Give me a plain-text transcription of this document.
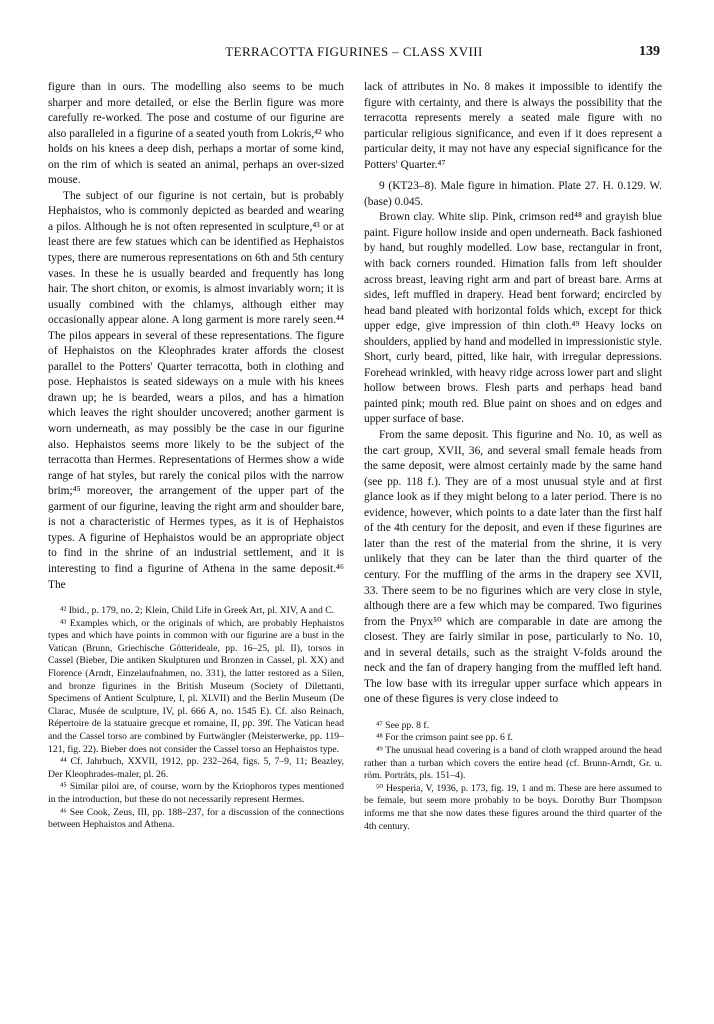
TERRACOTTA FIGURINES – CLASS XVIII	139

figure than in ours. The modelling also seems to be much sharper and more detailed, or else the Berlin figure was more carefully re-worked. The pose and costume of our figurine are also paralleled in a figurine of a seated youth from Lokris,⁴² who holds on his knees a deep dish, perhaps a mortar of some kind, on the rim of which is seated an animal, perhaps an over-sized mouse.

The subject of our figurine is not certain, but is probably Hephaistos, who is commonly depicted as bearded and wearing a pilos. Although he is not often represented in sculpture,⁴³ or at least there are few statues which can be identified as Hephaistos types, there are numerous representations on 6th and 5th century vases. In these he is usually bearded and frequently has long hair. The short chiton, or exomis, is almost invariably worn; it is usually combined with the chlamys, although either may occasionally appear alone. A long garment is more rarely seen.⁴⁴ The pilos appears in several of these representations. The figure of Hephaistos on the Kleophrades krater affords the closest parallel to the Potters' Quarter terracotta, both in clothing and pose. Hephaistos is seated sideways on a mule with his knees drawn up; he is bearded, wears a pilos, and has a himation which leaves the right shoulder uncovered; another garment is worn underneath, as may possibly be the case in our figurine also. Hephaistos seems more likely to be the subject of the terracotta than Hermes. Representations of Hermes show a wide range of hat styles, but rarely the conical pilos with the narrow brim;⁴⁵ moreover, the arrangement of the upper part of the garment of our figurine, leaving the right arm and shoulder bare, is not a characteristic of Hermes types, as it is of Hephaistos types. A figurine of Hephaistos would be an appropriate object to find in the shrine of an industrial settlement, and it is interesting to find a figurine of Athena in the same deposit.⁴⁶ The

⁴² Ibid., p. 179, no. 2; Klein, Child Life in Greek Art, pl. XIV, A and C.

⁴³ Examples which, or the originals of which, are probably Hephaistos types and which have points in common with our figurine are a bust in the Vatican (Brunn, Griechische Götterideale, pp. 16–25, pl. II), torsos in Cassel (Bieber, Die antiken Skulpturen und Bronzen in Cassel, pl. XX) and Florence (Arndt, Einzelaufnahmen, no. 331), the latter restored as a Silen, and bronze figurines in the British Museum (Society of Dilettanti, Specimens of Antient Sculpture, I, pl. XLVII) and the Berlin Museum (De Clarac, Musée de sculpture, IV, pl. 666 A, no. 1545 E). Cf. also Reinach, Répertoire de la statuaire grecque et romaine, II, pp. 39f. The Vatican head and the Cassel torso are combined by Furtwängler (Meisterwerke, pp. 119–121, fig. 22). Bieber does not consider the Cassel torso an Hephaistos type.

⁴⁴ Cf. Jahrbuch, XXVII, 1912, pp. 232–264, figs. 5, 7–9, 11; Beazley, Der Kleophrades-maler, pl. 26.

⁴⁵ Similar piloi are, of course, worn by the Kriophoros types mentioned in the introduction, but these do not necessarily represent Hermes.

⁴⁶ See Cook, Zeus, III, pp. 188–237, for a discussion of the connections between Hephaistos and Athena.

lack of attributes in No. 8 makes it impossible to identify the figure with certainty, and there is always the possibility that the terracotta represents merely a seated male figure with no particular religious significance, and even if it does represent a particular deity, it may not have any especial significance for the Potters' Quarter.⁴⁷

9 (KT23–8). Male figure in himation. Plate 27. H. 0.129. W. (base) 0.045.

Brown clay. White slip. Pink, crimson red⁴⁸ and grayish blue paint. Figure hollow inside and open underneath. Back fashioned by hand, but roughly modelled. Low base, rectangular in front, with back corners rounded. Himation falls from left shoulder across breast, leaving right arm and part of breast bare. Arms at sides, left muffled in drapery. Head bent forward; encircled by head band pleated with horizontal folds which, except for thick upper edge, give impression of thin cloth.⁴⁹ Heavy locks on shoulders, applied by hand and modelled in impressionistic style. Short, curly beard, pitted, like hair, with irregular depressions. Forehead wrinkled, with heavy ridge across lower part and slight hollow between brows. Flesh parts and perhaps head band painted pink; mouth red. Blue paint on shoes and on edges and upper surface of base.

From the same deposit. This figurine and No. 10, as well as the cart group, XVII, 36, and several small female heads from the same deposit, were almost certainly made by the same hand (see pp. 118 f.). They are of a most unusual style and at first glance look as if they might belong to a later period. There is no evidence, however, which points to a date later than the first half of the 4th century for the deposit, and even if these figurines are later than the rest of the material from the shrine, it is very unlikely that they can be later than the third quarter of the century. For the muffling of the arms in the drapery see XVII, 33. There seem to be no figurines which are very close in style, although there are a few which may be compared. Two figurines from the Pnyx⁵⁰ which are comparable in date are among the closest. They are fairly similar in pose, particularly to No. 10, and in several details, such as the straight V-folds around the neck and the fan of drapery hanging from the muffled left hand. The low base with its irregular upper surface which appears in one of these figures is very close indeed to

⁴⁷ See pp. 8 f.

⁴⁸ For the crimson paint see pp. 6 f.

⁴⁹ The unusual head covering is a band of cloth wrapped around the head rather than a turban which covers the entire head (cf. Brunn-Arndt, Gr. u. röm. Porträts, pls. 151–4).

⁵⁰ Hesperia, V, 1936, p. 173, fig. 19, 1 and m. These are here assumed to be female, but seem more probably to be boys. Dorothy Burr Thompson informs me that she now dates these figures around the third quarter of the 4th century.
